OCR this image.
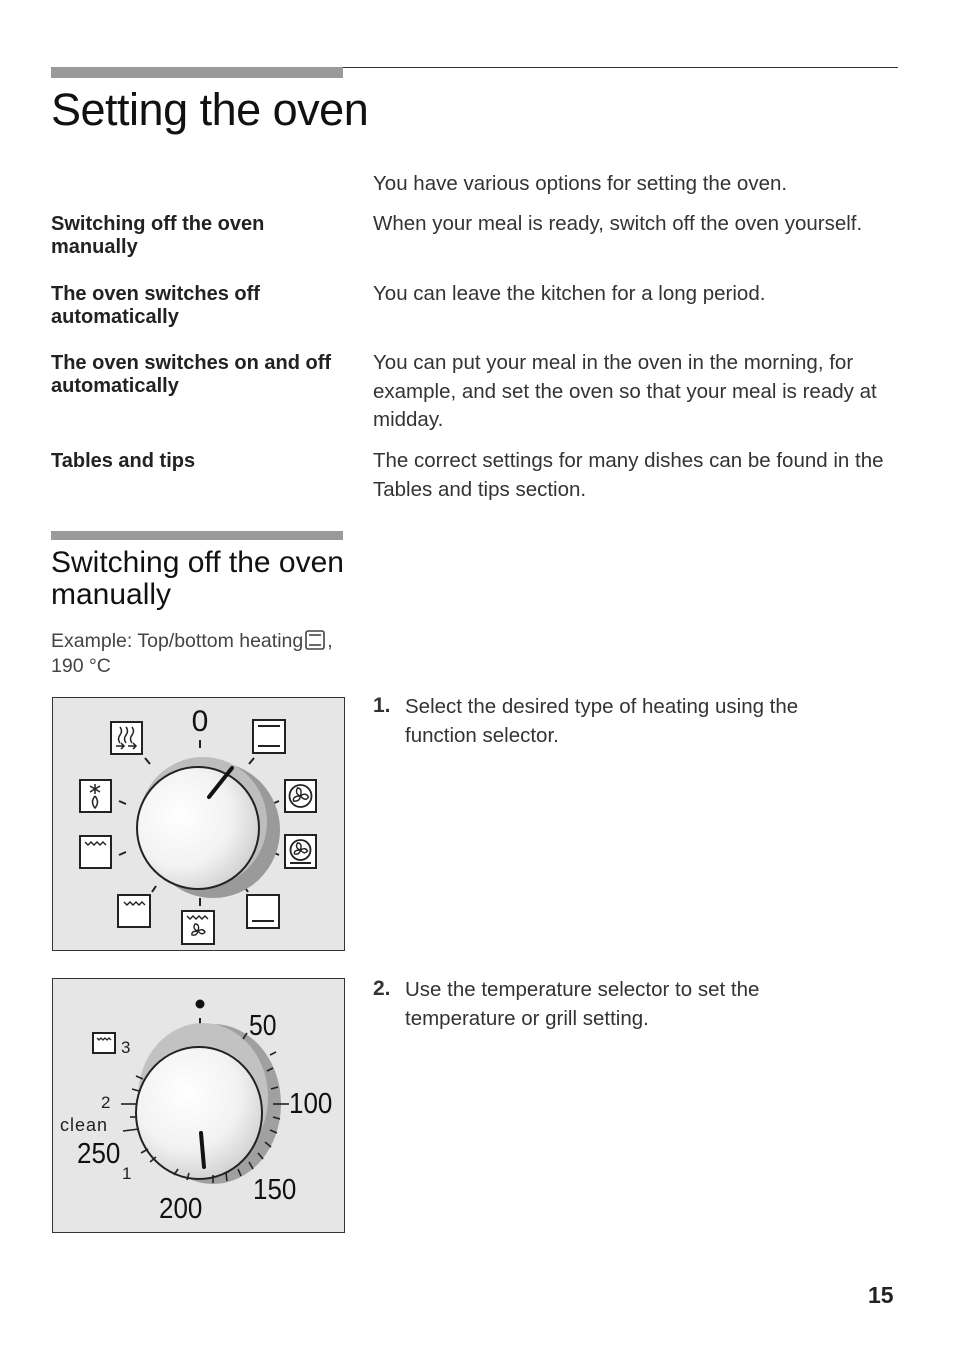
Setting the oven
You have various options for setting the oven.
Switching off the oven manually
When your meal is ready, switch off the oven yourself.
The oven switches off automatically
You can leave the kitchen for a long period.
The oven switches on and off automatically
You can put your meal in the oven in the morning, for example, and set the oven so that your meal is ready at midday.
Tables and tips	The correct settings for many dishes can be found in the Tables and tips section.
Switching off the oven manually
Example: Top/bottom heating , 190 °C
0	1. Select the desired type of heating using the function selector.
50
100
150
200
250
3
2
clean
1
2. Use the temperature selector to set the temperature or grill setting.
15
